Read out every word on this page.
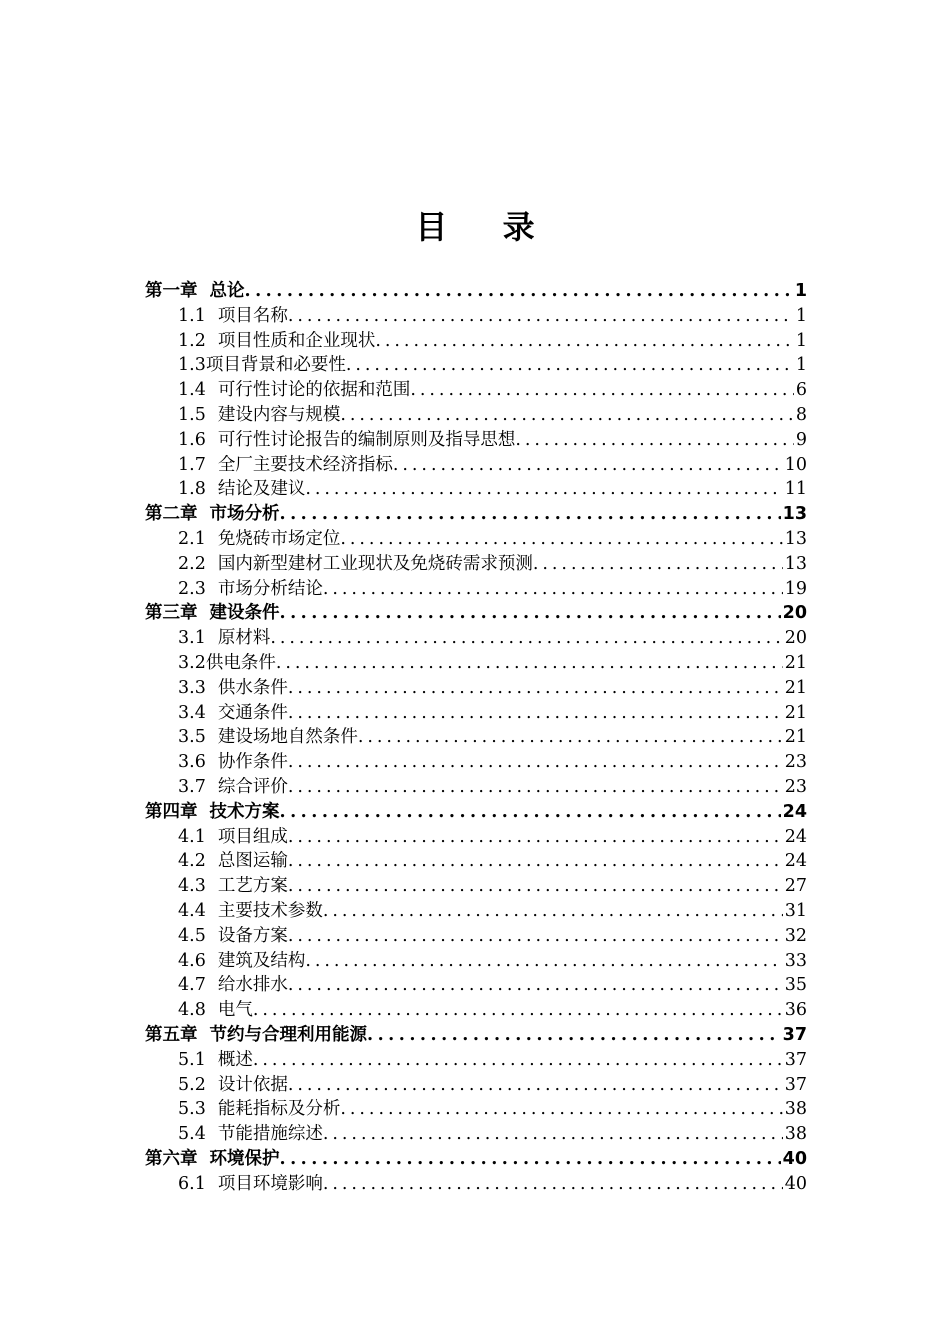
目 录
第一章 总论 . . .	1
1.1 项目名称 . . .	1
1.2 项目性质和企业现状 . . .	1
1.3 项目背景和必要性 . . .	1
1.4 可行性讨论的依据和范围 . . .	6
1.5 建设内容与规模 . . .	8
1.6 可行性讨论报告的编制原则及指导思想 . . .	9
1.7 全厂主要技术经济指标 . . .	10
1.8 结论及建议 . . .	11
第二章 市场分析 . . .	13
2.1 免烧砖市场定位 . . .	13
2.2 国内新型建材工业现状及免烧砖需求预测 . . .	13
2.3 市场分析结论 . . .	19
第三章 建设条件 . . .	20
3.1 原材料 . . .	20
3.2 供电条件 . . .	21
3.3 供水条件 . . .	21
3.4 交通条件 . . .	21
3.5 建设场地自然条件 . . .	21
3.6 协作条件 . . .	23
3.7 综合评价 . . .	23
第四章 技术方案 . . .	24
4.1 项目组成 . . .	24
4.2 总图运输 . . .	24
4.3 工艺方案 . . .	27
4.4 主要技术参数 . . .	31
4.5 设备方案 . . .	32
4.6 建筑及结构 . . .	33
4.7 给水排水 . . .	35
4.8 电气 . . .	36
第五章 节约与合理利用能源 . . .	37
5.1 概述 . . .	37
5.2 设计依据 . . .	37
5.3 能耗指标及分析 . . .	38
5.4 节能措施综述 . . .	38
第六章 环境保护 . . .	40
6.1 项目环境影响 . . .	40
